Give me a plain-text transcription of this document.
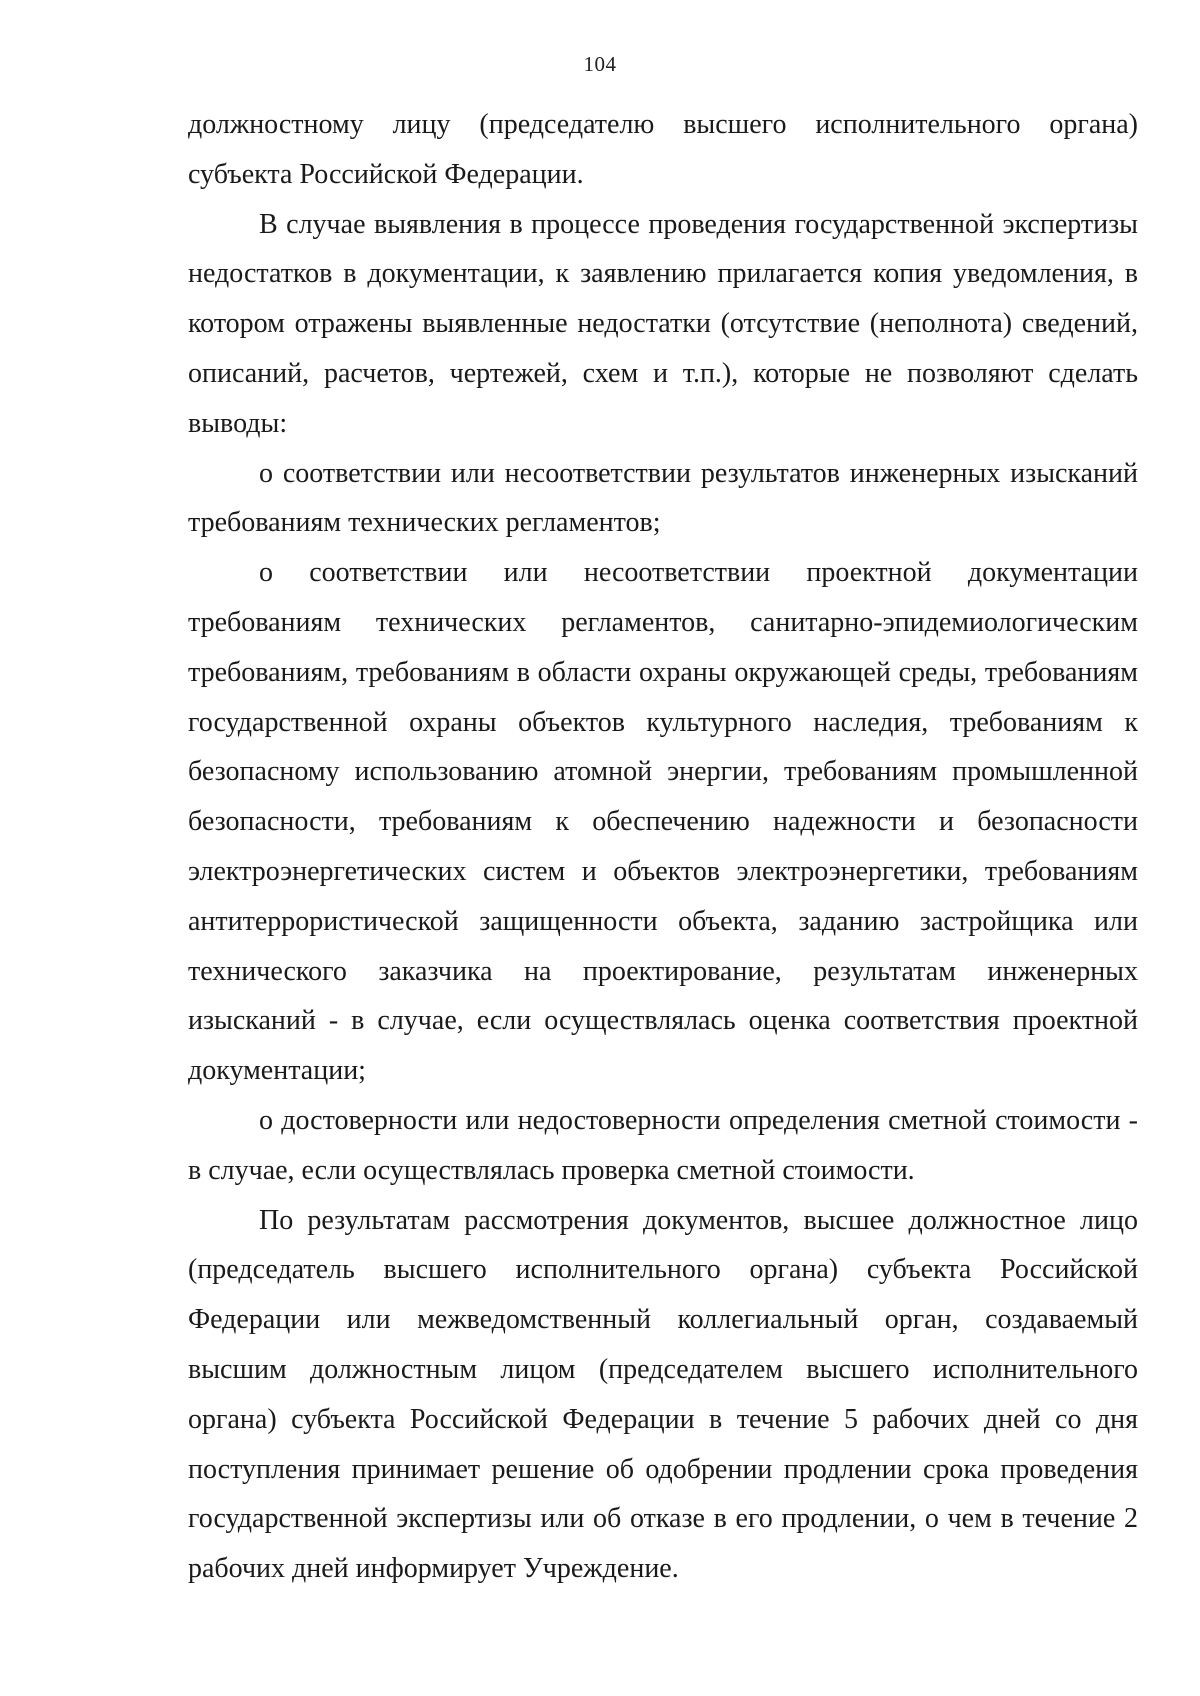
104

должностному лицу (председателю высшего исполнительного органа) субъекта Российской Федерации.

В случае выявления в процессе проведения государственной экспертизы недостатков в документации, к заявлению прилагается копия уведомления, в котором отражены выявленные недостатки (отсутствие (неполнота) сведений, описаний, расчетов, чертежей, схем и т.п.), которые не позволяют сделать выводы:

о соответствии или несоответствии результатов инженерных изысканий требованиям технических регламентов;

о соответствии или несоответствии проектной документации требованиям технических регламентов, санитарно-эпидемиологическим требованиям, требованиям в области охраны окружающей среды, требованиям государственной охраны объектов культурного наследия, требованиям к безопасному использованию атомной энергии, требованиям промышленной безопасности, требованиям к обеспечению надежности и безопасности электроэнергетических систем и объектов электроэнергетики, требованиям антитеррористической защищенности объекта, заданию застройщика или технического заказчика на проектирование, результатам инженерных изысканий - в случае, если осуществлялась оценка соответствия проектной документации;

о достоверности или недостоверности определения сметной стоимости - в случае, если осуществлялась проверка сметной стоимости.

По результатам рассмотрения документов, высшее должностное лицо (председатель высшего исполнительного органа) субъекта Российской Федерации или межведомственный коллегиальный орган, создаваемый высшим должностным лицом (председателем высшего исполнительного органа) субъекта Российской Федерации в течение 5 рабочих дней со дня поступления принимает решение об одобрении продлении срока проведения государственной экспертизы или об отказе в его продлении, о чем в течение 2 рабочих дней информирует Учреждение.
